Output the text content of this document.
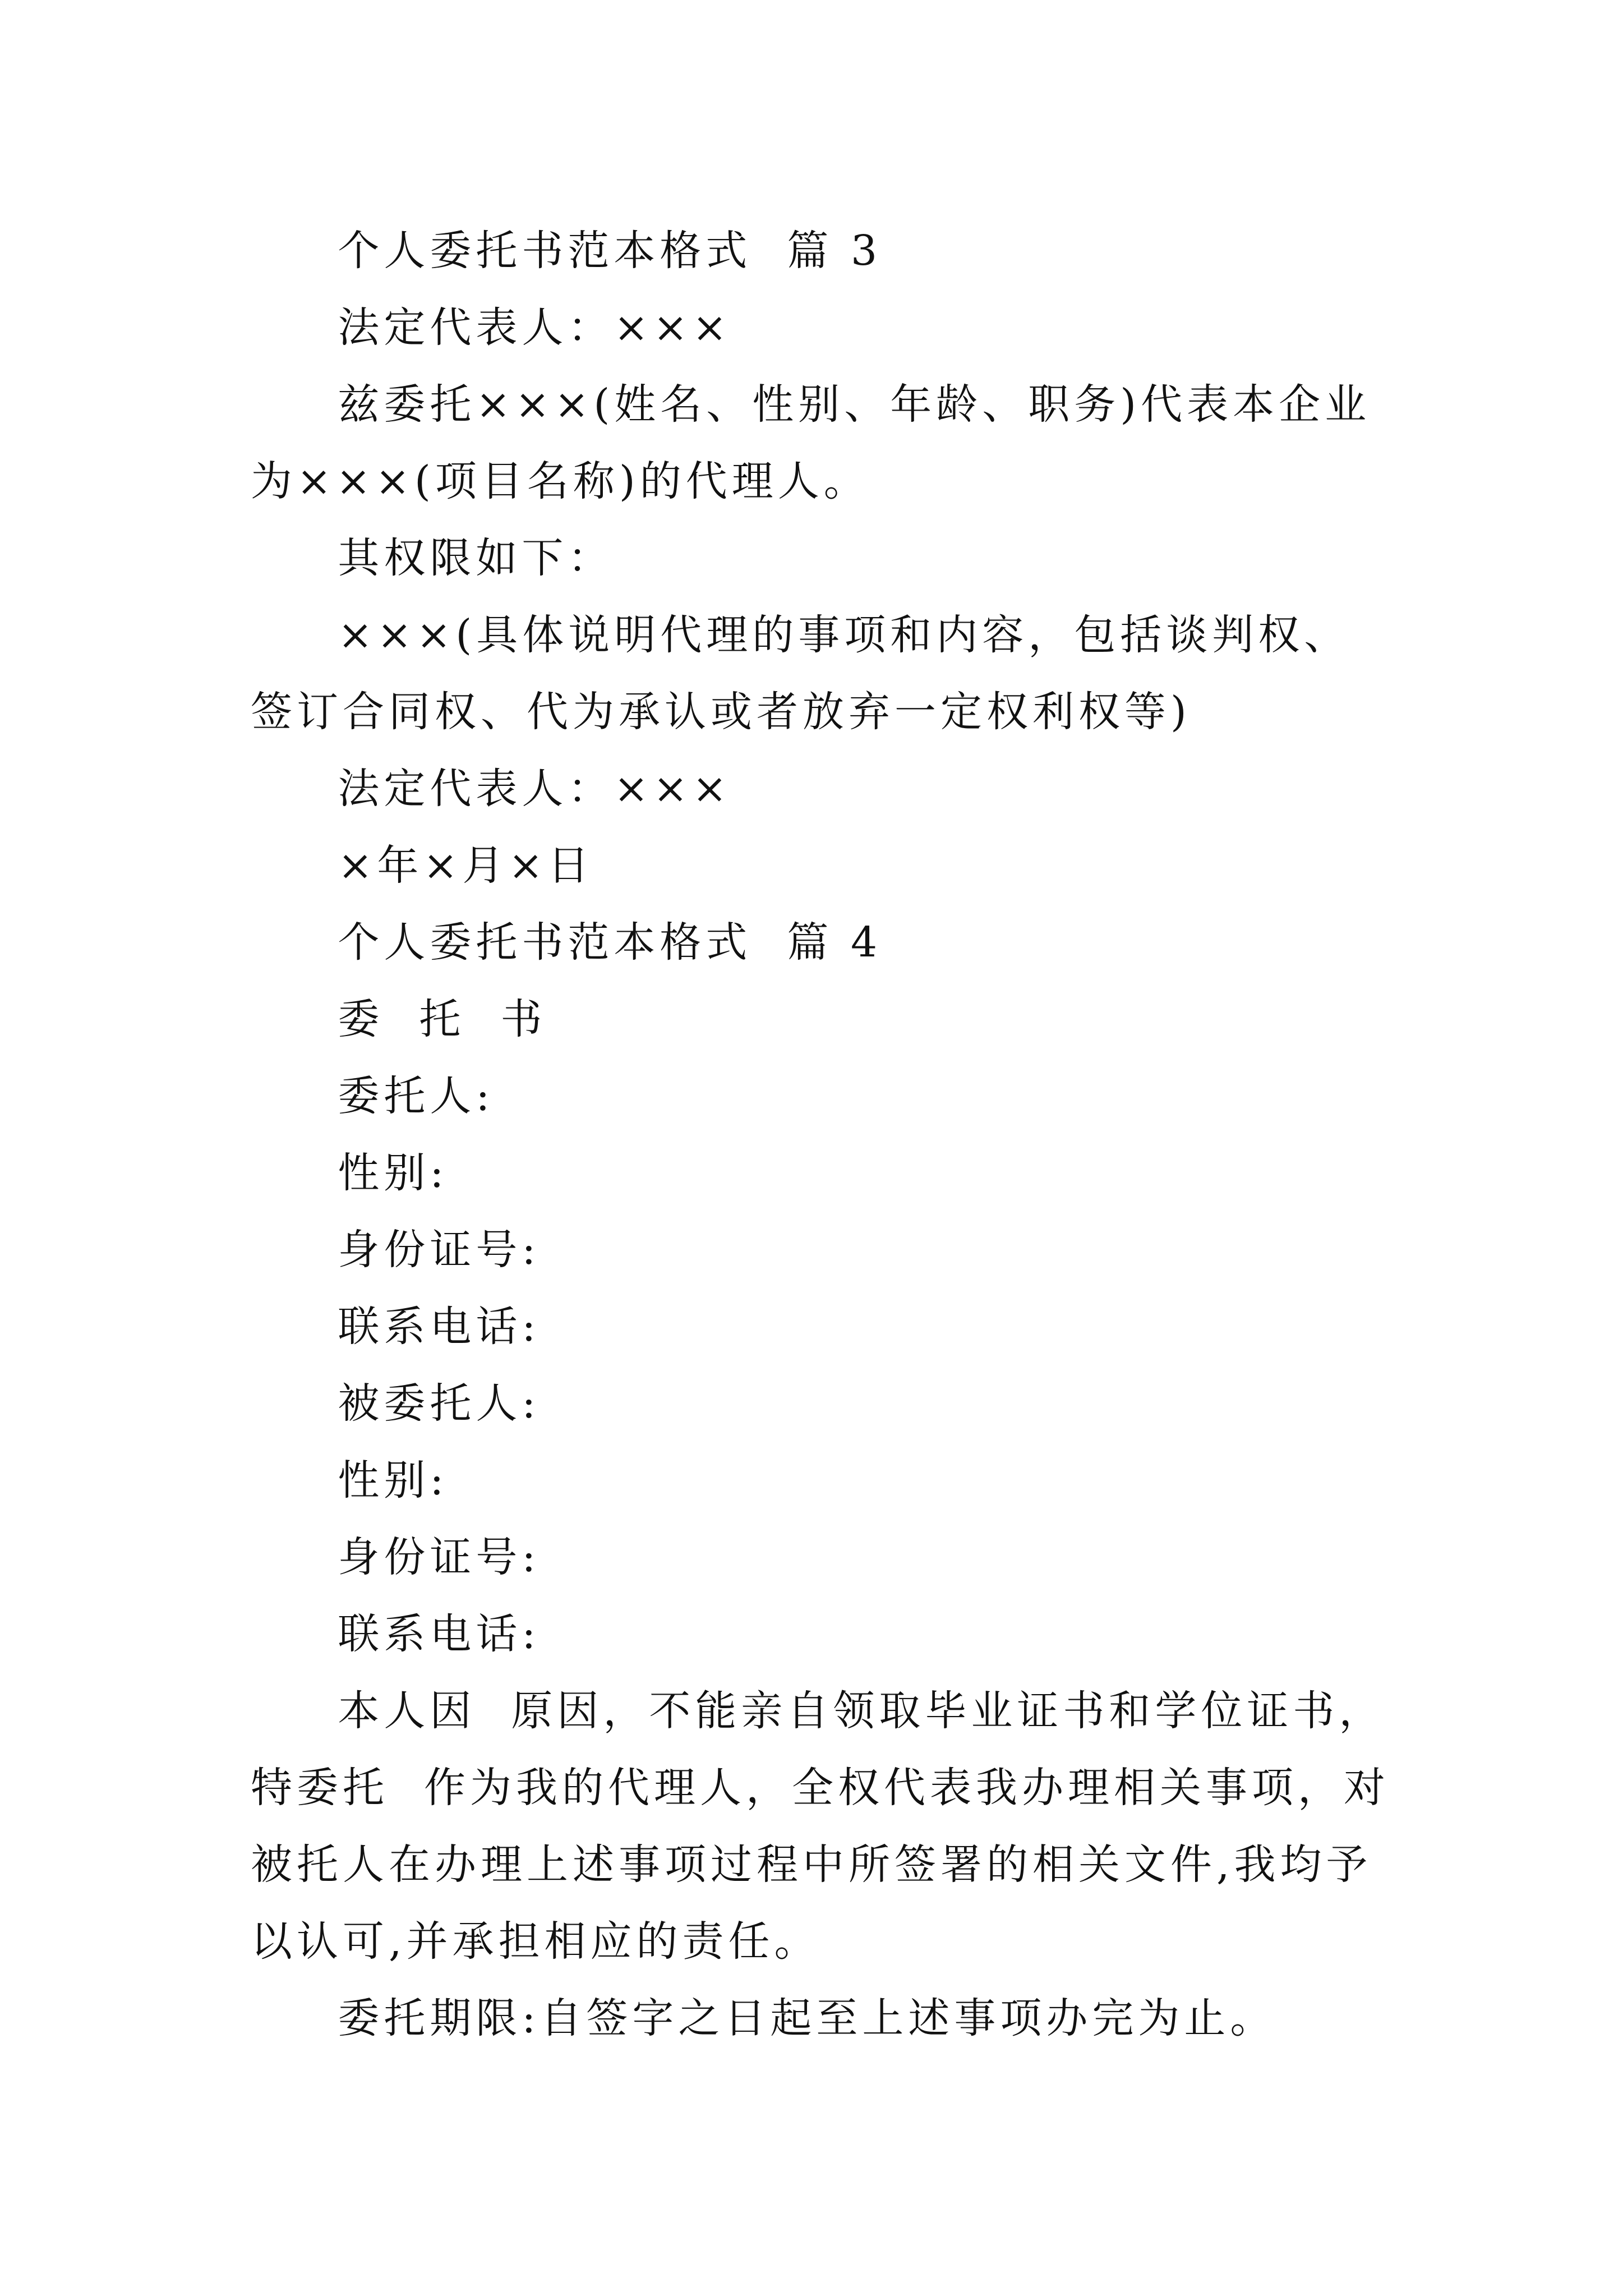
个人委托书范本格式  篇 3

法定代表人：×××

兹委托×××(姓名、性别、年龄、职务)代表本企业为×××(项目名称)的代理人。

其权限如下：

×××(具体说明代理的事项和内容，包括谈判权、签订合同权、代为承认或者放弃一定权利权等)

法定代表人：×××

×年×月×日

个人委托书范本格式  篇 4

委  托  书

委托人:

性别:

身份证号:

联系电话:

被委托人:

性别:

身份证号:

联系电话:

本人因  原因，不能亲自领取毕业证书和学位证书，特委托  作为我的代理人，全权代表我办理相关事项，对被托人在办理上述事项过程中所签署的相关文件,我均予以认可,并承担相应的责任。

委托期限:自签字之日起至上述事项办完为止。
